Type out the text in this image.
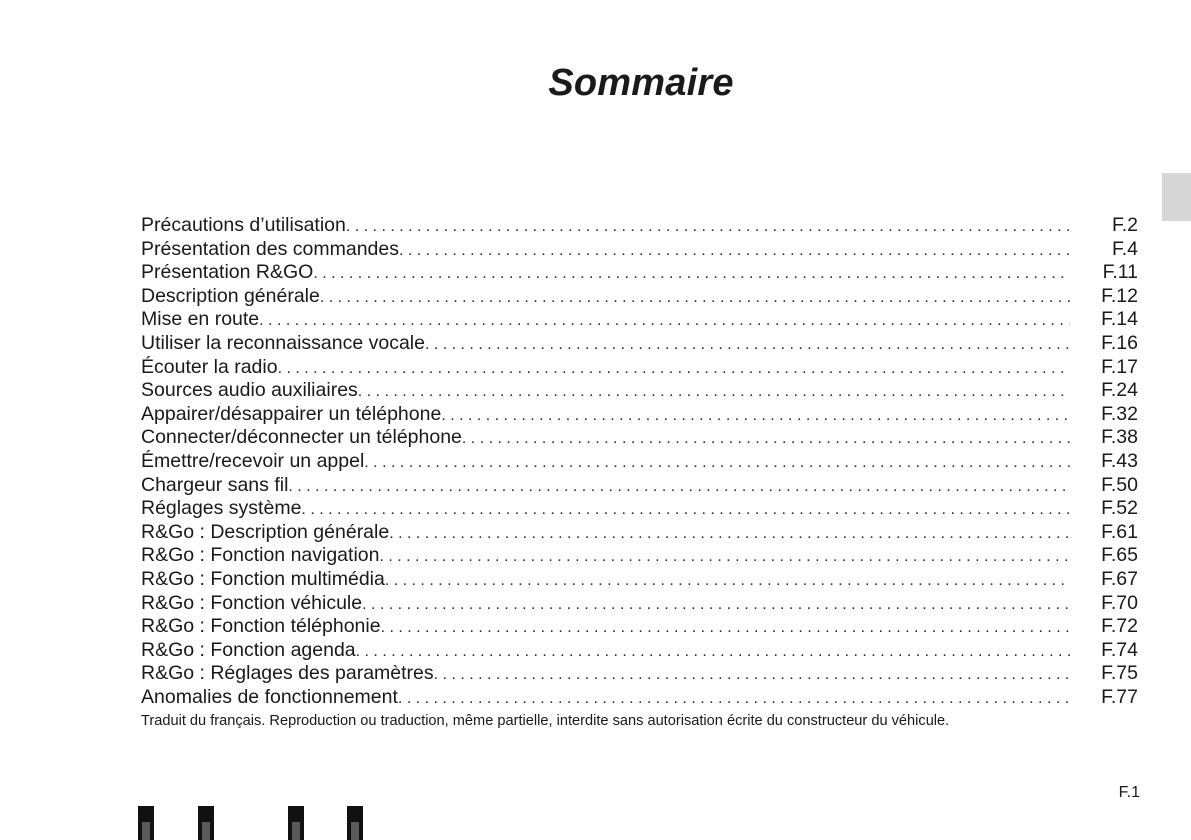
Sommaire
Précautions d’utilisation . . .	F.2
Présentation des commandes . . .	F.4
Présentation R&GO . . .	F.11
Description générale . . .	F.12
Mise en route . . .	F.14
Utiliser la reconnaissance vocale . . .	F.16
Écouter la radio . . .	F.17
Sources audio auxiliaires . . .	F.24
Appairer/désappairer un téléphone . . .	F.32
Connecter/déconnecter un téléphone . . .	F.38
Émettre/recevoir un appel . . .	F.43
Chargeur sans fil . . .	F.50
Réglages système . . .	F.52
R&Go : Description générale . . .	F.61
R&Go : Fonction navigation . . .	F.65
R&Go : Fonction multimédia . . .	F.67
R&Go : Fonction véhicule . . .	F.70
R&Go : Fonction téléphonie . . .	F.72
R&Go : Fonction agenda . . .	F.74
R&Go : Réglages des paramètres . . .	F.75
Anomalies de fonctionnement . . .	F.77

Traduit du français. Reproduction ou traduction, même partielle, interdite sans autorisation écrite du constructeur du véhicule.

F.1
